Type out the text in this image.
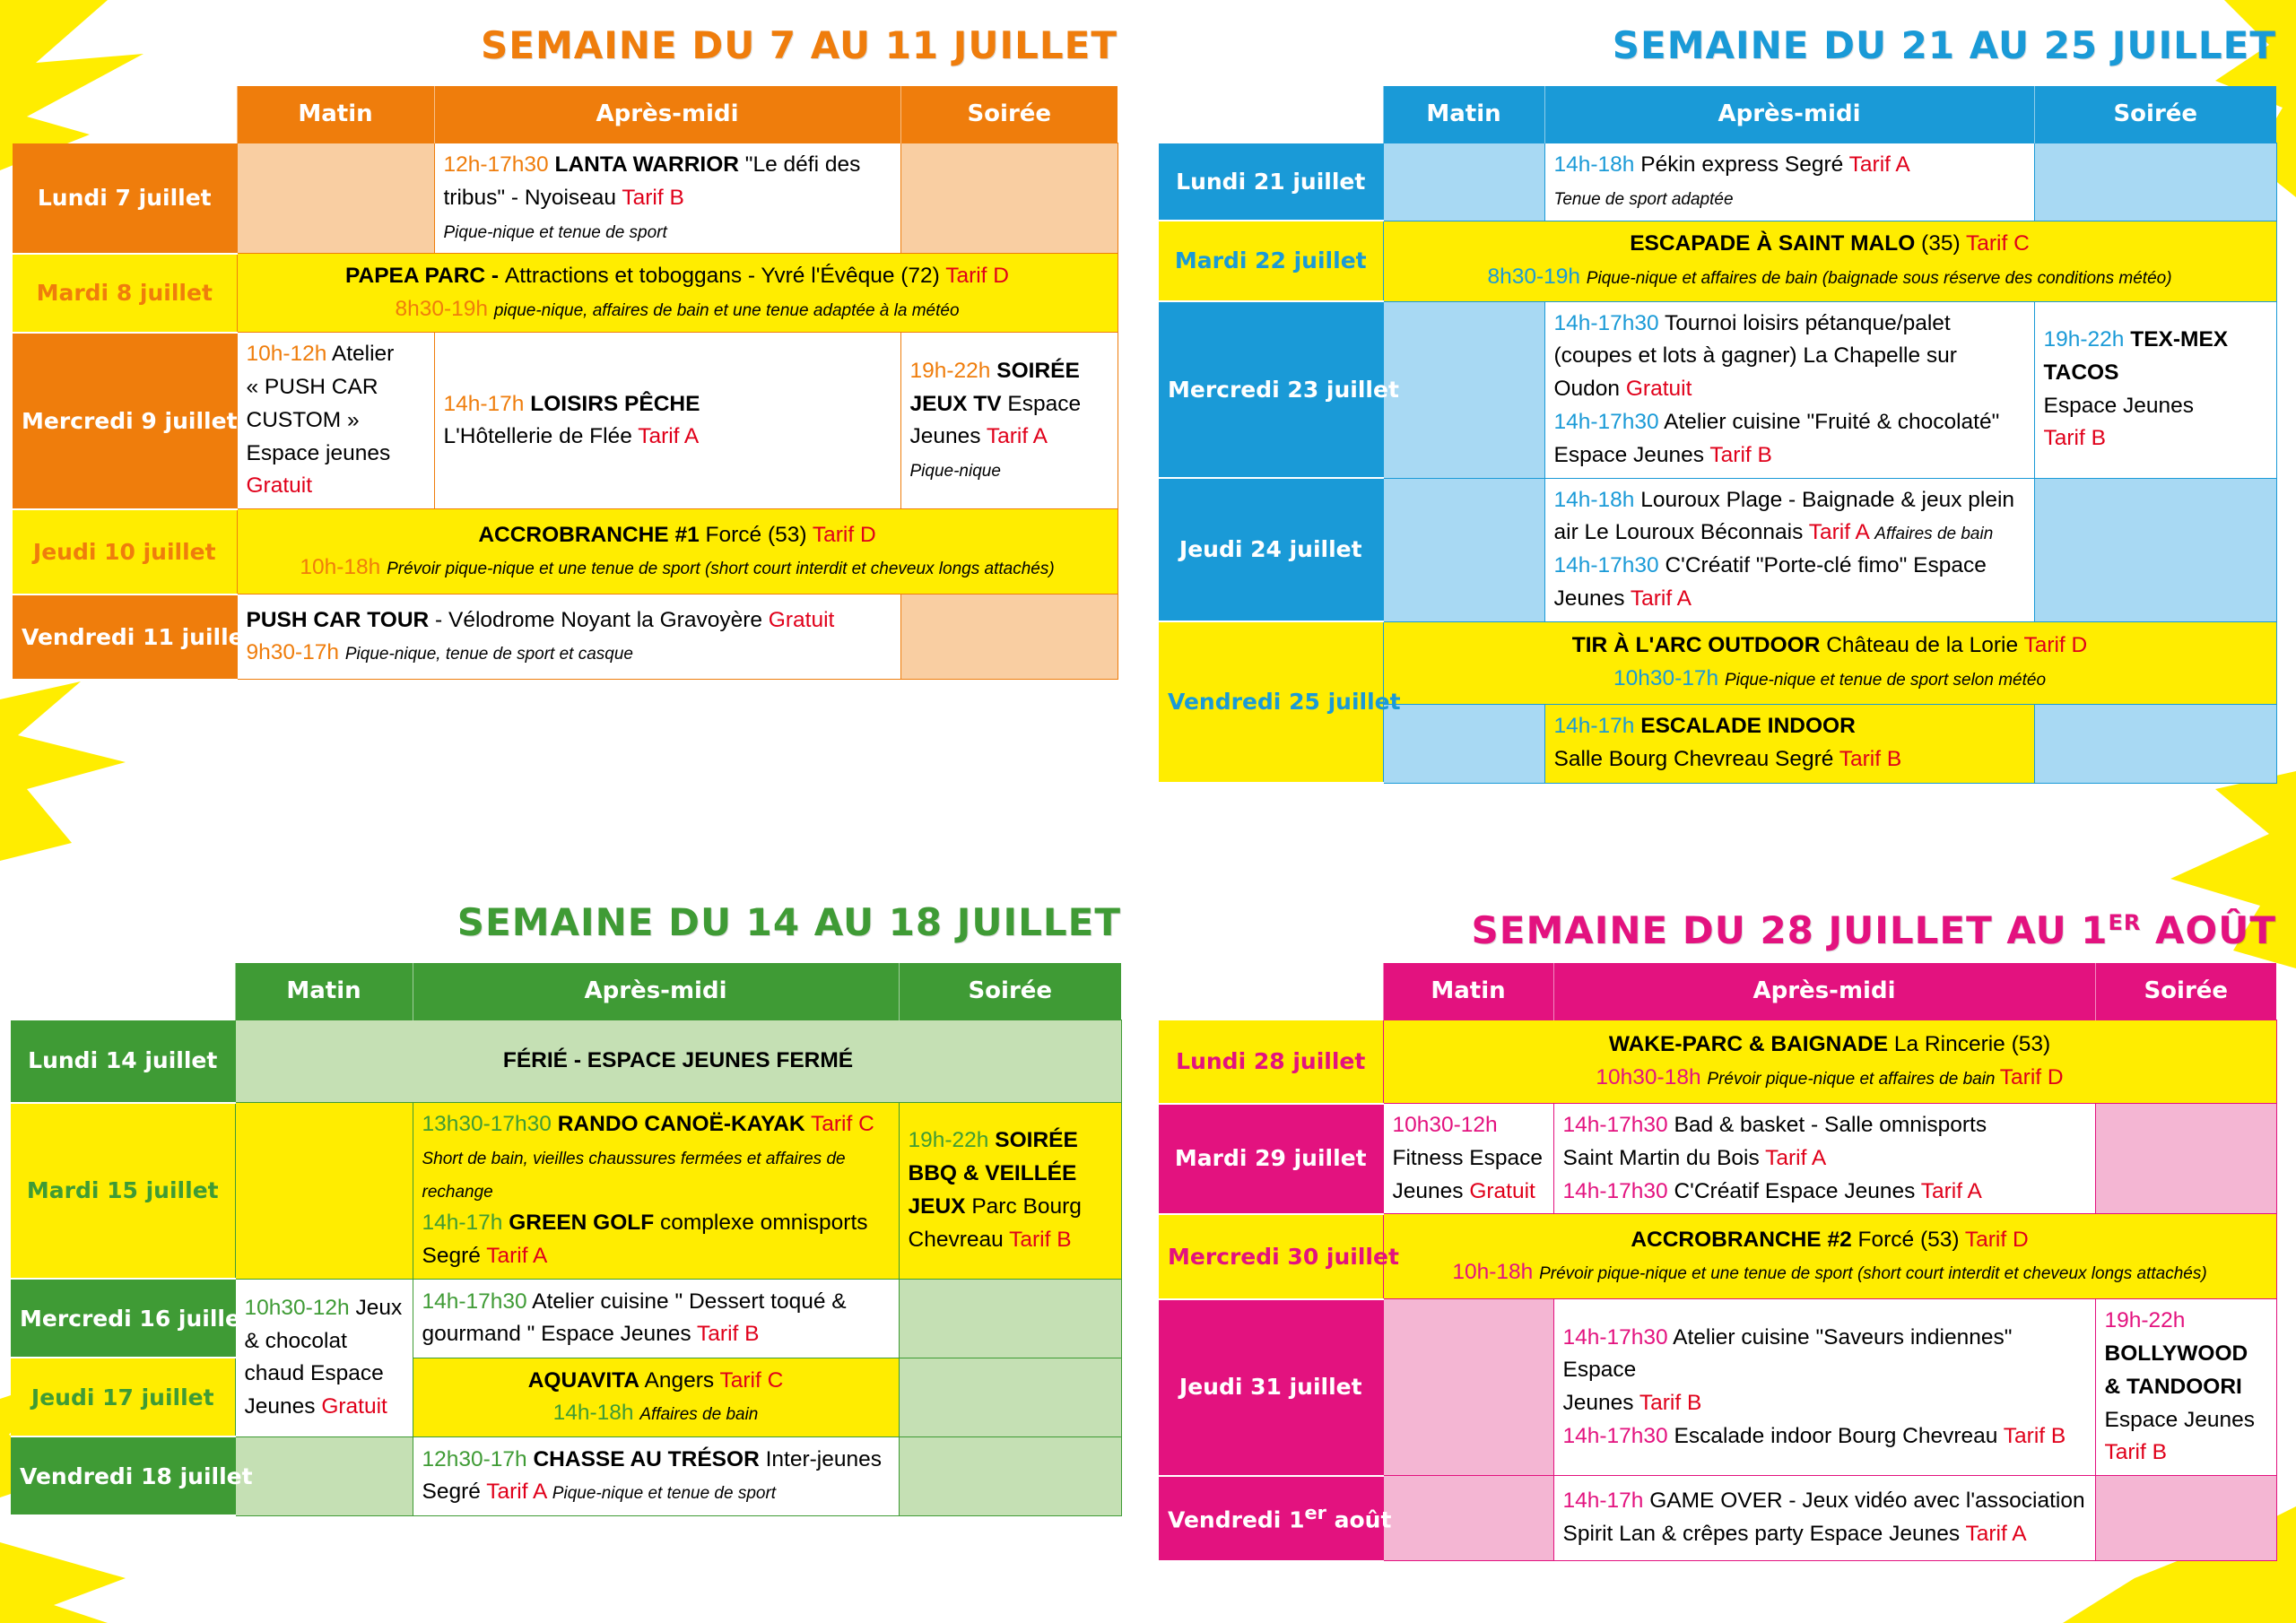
SEMAINE DU 7 AU 11 JUILLET
	Matin	Après-midi	Soirée
Lundi 7 juillet		12h-17h30 LANTA WARRIOR "Le défi des
tribus" - Nyoiseau Tarif B
Pique-nique et tenue de sport	

Mardi 8 juillet	PAPEA PARC - Attractions et toboggans - Yvré l'Évêque (72) Tarif D
8h30-19h pique-nique, affaires de bain et une tenue adaptée à la météo		

Mercredi 9 juillet	10h-12h Atelier
« PUSH CAR
CUSTOM »
Espace jeunes
Gratuit	14h-17h LOISIRS PÊCHE
L'Hôtellerie de Flée Tarif A	19h-22h SOIRÉE
JEUX TV Espace
Jeunes Tarif A
Pique-nique

Jeudi 10 juillet	ACCROBRANCHE #1 Forcé (53) Tarif D
10h-18h Prévoir pique-nique et une tenue de sport (short court interdit et cheveux longs attachés)		

Vendredi 11 juillet	PUSH CAR TOUR - Vélodrome Noyant la Gravoyère Gratuit
9h30-17h Pique-nique, tenue de sport et casque		

SEMAINE DU 21 AU 25 JUILLET
	Matin	Après-midi	Soirée
Lundi 21 juillet		14h-18h Pékin express Segré Tarif A
Tenue de sport adaptée	

Mardi 22 juillet	ESCAPADE À SAINT MALO (35) Tarif C
8h30-19h Pique-nique et affaires de bain (baignade sous réserve des conditions météo)		

Mercredi 23 juillet		14h-17h30 Tournoi loisirs pétanque/palet
(coupes et lots à gagner) La Chapelle sur
Oudon Gratuit
14h-17h30 Atelier cuisine "Fruité & chocolaté"
Espace Jeunes Tarif B	19h-22h TEX-MEX
TACOS
Espace Jeunes
Tarif B

Jeudi 24 juillet		14h-18h Louroux Plage - Baignade & jeux plein
air Le Louroux Béconnais Tarif A Affaires de bain
14h-17h30 C'Créatif "Porte-clé fimo" Espace
Jeunes Tarif A	

Vendredi 25 juillet	TIR À L'ARC OUTDOOR Château de la Lorie Tarif D
10h30-17h Pique-nique et tenue de sport selon météo		

		14h-17h ESCALADE INDOOR
Salle Bourg Chevreau Segré Tarif B	

SEMAINE DU 14 AU 18 JUILLET
	Matin	Après-midi	Soirée
Lundi 14 juillet	FÉRIÉ - ESPACE JEUNES FERMÉ		

Mardi 15 juillet		13h30-17h30 RANDO CANOË-KAYAK Tarif C
Short de bain, vieilles chaussures fermées et affaires de
rechange
14h-17h GREEN GOLF complexe omnisports
Segré Tarif A	19h-22h SOIRÉE
BBQ & VEILLÉE
JEUX Parc Bourg
Chevreau Tarif B

Mercredi 16 juillet	10h30-12h Jeux
& chocolat
chaud Espace
Jeunes Gratuit	14h-17h30 Atelier cuisine " Dessert toqué &
gourmand " Espace Jeunes Tarif B	

Jeudi 17 juillet		AQUAVITA Angers Tarif C
14h-18h Affaires de bain	

Vendredi 18 juillet		12h30-17h CHASSE AU TRÉSOR Inter-jeunes
Segré Tarif A Pique-nique et tenue de sport	

SEMAINE DU 28 JUILLET AU 1ER AOÛT
	Matin	Après-midi	Soirée
Lundi 28 juillet	WAKE-PARC & BAIGNADE La Rincerie (53)
10h30-18h Prévoir pique-nique et affaires de bain Tarif D		

Mardi 29 juillet	10h30-12h
Fitness Espace
Jeunes Gratuit	14h-17h30 Bad & basket - Salle omnisports
Saint Martin du Bois Tarif A
14h-17h30 C'Créatif Espace Jeunes Tarif A	

Mercredi 30 juillet	ACCROBRANCHE #2 Forcé (53) Tarif D
10h-18h Prévoir pique-nique et une tenue de sport (short court interdit et cheveux longs attachés)		

Jeudi 31 juillet		14h-17h30 Atelier cuisine "Saveurs indiennes" Espace
Jeunes Tarif B
14h-17h30 Escalade indoor Bourg Chevreau Tarif B	19h-22h
BOLLYWOOD
& TANDOORI
Espace Jeunes
Tarif B

Vendredi 1er août		14h-17h GAME OVER - Jeux vidéo avec l'association
Spirit Lan & crêpes party Espace Jeunes Tarif A	
